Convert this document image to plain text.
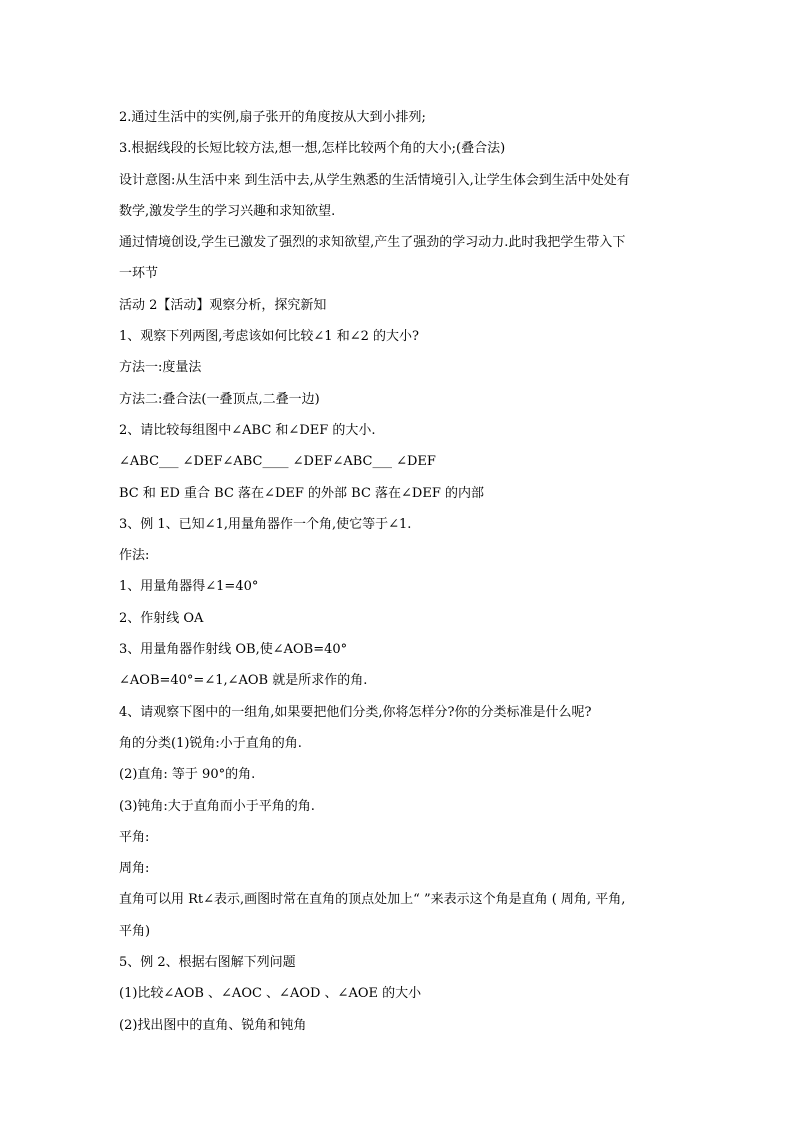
2.通过生活中的实例,扇子张开的角度按从大到小排列;
3.根据线段的长短比较方法,想一想,怎样比较两个角的大小;(叠合法)
设计意图:从生活中来 到生活中去,从学生熟悉的生活情境引入,让学生体会到生活中处处有
数学,激发学生的学习兴趣和求知欲望.
通过情境创设,学生已激发了强烈的求知欲望,产生了强劲的学习动力.此时我把学生带入下
一环节
活动 2【活动】观察分析，探究新知
1、观察下列两图,考虑该如何比较∠1 和∠2 的大小?
方法一:度量法
方法二:叠合法(一叠顶点,二叠一边)
2、请比较每组图中∠ABC 和∠DEF 的大小.
∠ABC___ ∠DEF∠ABC____ ∠DEF∠ABC___ ∠DEF
BC 和 ED 重合 BC 落在∠DEF 的外部 BC 落在∠DEF 的内部
3、例 1、已知∠1,用量角器作一个角,使它等于∠1.
作法:
1、用量角器得∠1=40°
2、作射线 OA
3、用量角器作射线 OB,使∠AOB=40°
∠AOB=40°=∠1,∠AOB 就是所求作的角.
4、请观察下图中的一组角,如果要把他们分类,你将怎样分?你的分类标准是什么呢?
角的分类(1)锐角:小于直角的角.
(2)直角: 等于 90°的角.
(3)钝角:大于直角而小于平角的角.
平角:
周角:
直角可以用 Rt∠表示,画图时常在直角的顶点处加上“ ”来表示这个角是直角 ( 周角, 平角,
平角)
5、例 2、根据右图解下列问题
(1)比较∠AOB 、∠AOC 、∠AOD 、∠AOE 的大小
(2)找出图中的直角、锐角和钝角
